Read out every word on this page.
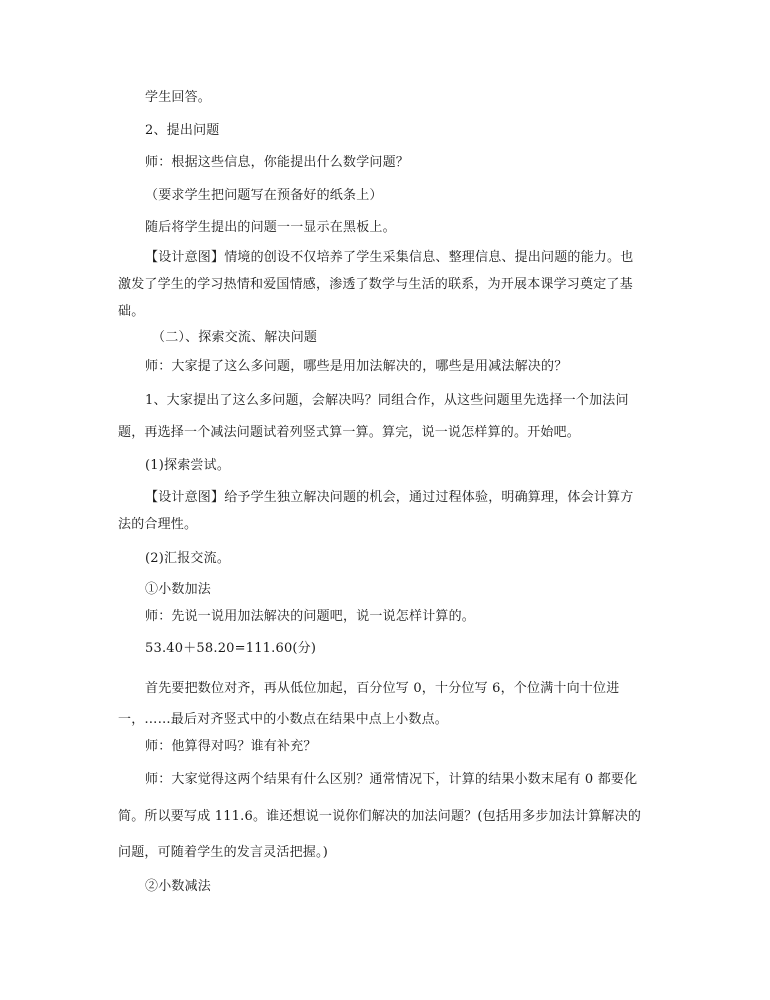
学生回答。
2、提出问题
师：根据这些信息，你能提出什么数学问题？
（要求学生把问题写在预备好的纸条上）
随后将学生提出的问题一一显示在黑板上。
【设计意图】情境的创设不仅培养了学生采集信息、整理信息、提出问题的能力。也
激发了学生的学习热情和爱国情感，渗透了数学与生活的联系，为开展本课学习奠定了基
础。
（二）、探索交流、解决问题
师：大家提了这么多问题，哪些是用加法解决的，哪些是用减法解决的？
1、大家提出了这么多问题，会解决吗？同组合作，从这些问题里先选择一个加法问
题，再选择一个减法问题试着列竖式算一算。算完，说一说怎样算的。开始吧。
(1)探索尝试。
【设计意图】给予学生独立解决问题的机会，通过过程体验，明确算理，体会计算方
法的合理性。
(2)汇报交流。
①小数加法
师：先说一说用加法解决的问题吧，说一说怎样计算的。
53.40＋58.20=111.60(分)
首先要把数位对齐，再从低位加起，百分位写 0，十分位写 6，个位满十向十位进
一，……最后对齐竖式中的小数点在结果中点上小数点。
师：他算得对吗？谁有补充？
师：大家觉得这两个结果有什么区别？通常情况下，计算的结果小数末尾有 0 都要化
简。所以要写成 111.6。谁还想说一说你们解决的加法问题？(包括用多步加法计算解决的
问题，可随着学生的发言灵活把握。)
②小数减法
